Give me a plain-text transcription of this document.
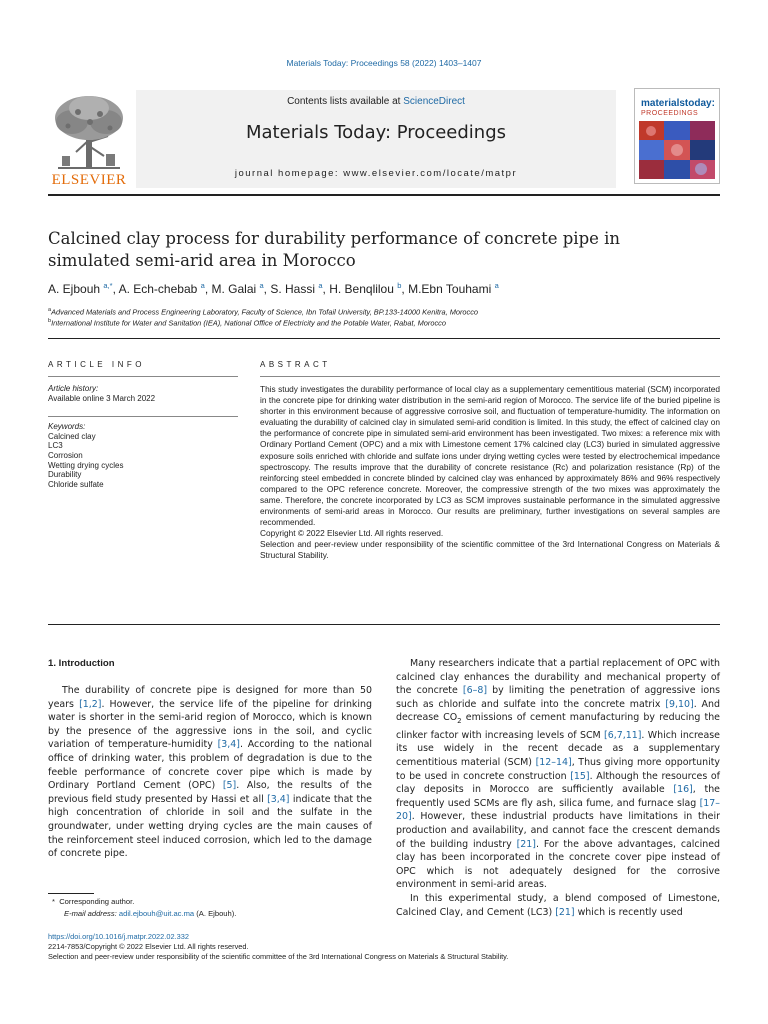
Materials Today: Proceedings 58 (2022) 1403–1407
ELSEVIER
Contents lists available at ScienceDirect
Materials Today: Proceedings
journal homepage: www.elsevier.com/locate/matpr
materialstoday:
PROCEEDINGS
Calcined clay process for durability performance of concrete pipe in simulated semi-arid area in Morocco
A. Ejbouh $^{a,*}$, A. Ech-chebab $^a$, M. Galai $^a$, S. Hassi $^a$, H. Benqlilou $^b$, M.Ebn Touhami $^a$
$^a$Advanced Materials and Process Engineering Laboratory, Faculty of Science, Ibn Tofail University, BP.133-14000 Kenitra, Morocco
$^b$International Institute for Water and Sanitation (IEA), National Office of Electricity and the Potable Water, Rabat, Morocco
ARTICLE INFO
Article history:
Available online 3 March 2022
Keywords:
Calcined clay
LC3
Corrosion
Wetting drying cycles
Durability
Chloride sulfate
ABSTRACT
This study investigates the durability performance of local clay as a supplementary cementitious material (SCM) incorporated in the concrete pipe for drinking water distribution in the semi-arid region of Morocco. The service life of the buried pipeline is shorter in this environment because of aggressive corrosive soil, and fluctuation of temperature-humidity. The information on evaluating the durability of calcined clay in simulated semi-arid condition is limited. In this study, the effect of calcined clay on the performance of concrete pipe in simulated semi-arid environment has been investigated. Two mixes: a reference mix with Ordinary Portland Cement (OPC) and a mix with Limestone cement 17% calcined clay (LC3) buried in simulated aggressive exposure soils enriched with chloride and sulfate ions under drying wetting cycles were tested by electrochemical impedance spectroscopy. The results improve that the durability of concrete resistance (Rc) and polarization resistance (Rp) of the reinforcing steel embedded in concrete blinded by calcined clay was enhanced by approximately 86% and 96% respectively compared to the OPC reference concrete. Moreover, the compressive strength of the two mixes was approximately the same. Therefore, the concrete incorporated by LC3 as SCM improves sustainable performance in the simulated aggressive environments of semi-arid areas in Morocco. Our results are preliminary, further investigations on several samples are recommended.
Copyright © 2022 Elsevier Ltd. All rights reserved.
Selection and peer-review under responsibility of the scientific committee of the 3rd International Congress on Materials & Structural Stability.
1. Introduction

The durability of concrete pipe is designed for more than 50 years [1,2]. However, the service life of the pipeline for drinking water is shorter in the semi-arid region of Morocco, which is known by the presence of the aggressive ions in the soil, and cyclic variation of temperature-humidity [3,4]. According to the national office of drinking water, this problem of degradation is due to the feeble performance of concrete cover pipe which is made by Ordinary Portland Cement (OPC) [5]. Also, the results of the previous field study presented by Hassi et all [3,4] indicate that the high concentration of chloride in soil and the sulfate in the groundwater, under wetting drying cycles are the main causes of the reinforcement steel induced corrosion, which led to the damage of concrete pipe.

Many researchers indicate that a partial replacement of OPC with calcined clay enhances the durability and mechanical property of the concrete [6–8] by limiting the penetration of aggressive ions such as chloride and sulfate into the concrete matrix [9,10]. And decrease $CO_2$ emissions of cement manufacturing by reducing the clinker factor with increasing levels of SCM [6,7,11]. Which increase its use widely in the recent decade as a supplementary cementitious material (SCM) [12–14], Thus giving more opportunity to be used in concrete construction [15]. Although the resources of clay deposits in Morocco are sufficiently available [16], the frequently used SCMs are fly ash, silica fume, and furnace slag [17–20]. However, these industrial products have limitations in their production and availability, and cannot face the crescent demands of the building industry [21]. For the above advantages, calcined clay has been incorporated in the concrete cover pipe instead of OPC which is not adequately designed for the corrosive environment in semi-arid areas.

In this experimental study, a blend composed of Limestone, Calcined Clay, and Cement (LC3) [21] which is recently used

* Corresponding author.
E-mail address: adil.ejbouh@uit.ac.ma (A. Ejbouh).
https://doi.org/10.1016/j.matpr.2022.02.332
2214-7853/Copyright © 2022 Elsevier Ltd. All rights reserved.
Selection and peer-review under responsibility of the scientific committee of the 3rd International Congress on Materials & Structural Stability.
